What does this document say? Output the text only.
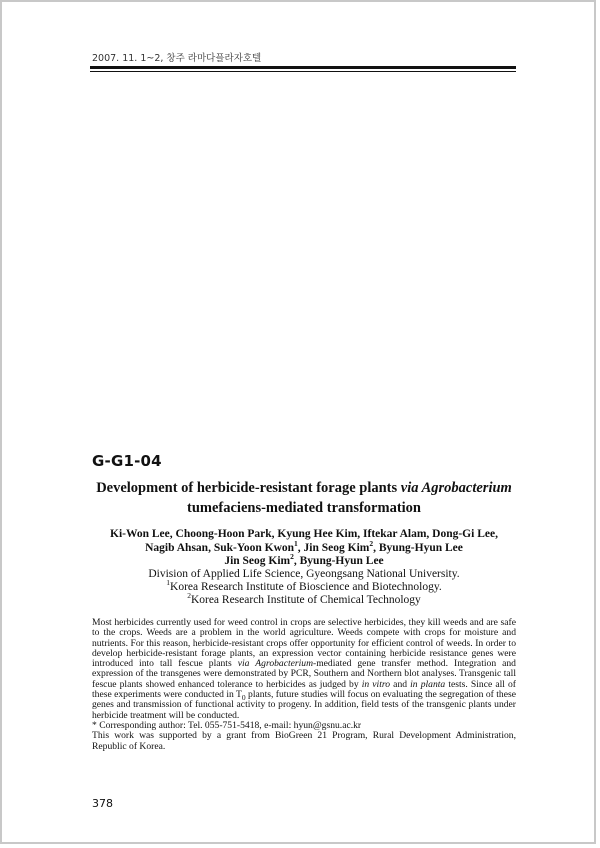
2007. 11. 1~2, 창주 라마다플라자호텔
G-G1-04
Development of herbicide-resistant forage plants via Agrobacterium
tumefaciens-mediated transformation
Ki-Won Lee, Choong-Hoon Park, Kyung Hee Kim, Iftekar Alam, Dong-Gi Lee,
Nagib Ahsan, Suk-Yoon Kwon$^1$, Jin Seog Kim$^2$, Byung-Hyun Lee
Jin Seog Kim$^2$, Byung-Hyun Lee
Division of Applied Life Science, Gyeongsang National University.
$^1$Korea Research Institute of Bioscience and Biotechnology.
$^2$Korea Research Institute of Chemical Technology

Most herbicides currently used for weed control in crops are selective herbicides, they kill weeds and are safe to the crops. Weeds are a problem in the world agriculture. Weeds compete with crops for moisture and nutrients. For this reason, herbicide-resistant crops offer opportunity for efficient control of weeds. In order to develop herbicide-resistant forage plants, an expression vector containing herbicide resistance genes were introduced into tall fescue plants via Agrobacterium-mediated gene transfer method. Integration and expression of the transgenes were demonstrated by PCR, Southern and Northern blot analyses. Transgenic tall fescue plants showed enhanced tolerance to herbicides as judged by in vitro and in planta tests. Since all of these experiments were conducted in $T_0$ plants, future studies will focus on evaluating the segregation of these genes and transmission of functional activity to progeny. In addition, field tests of the transgenic plants under herbicide treatment will be conducted.

* Corresponding author: Tel. 055-751-5418, e-mail: hyun@gsnu.ac.kr

This work was supported by a grant from BioGreen 21 Program, Rural Development Administration, Republic of Korea.

378
